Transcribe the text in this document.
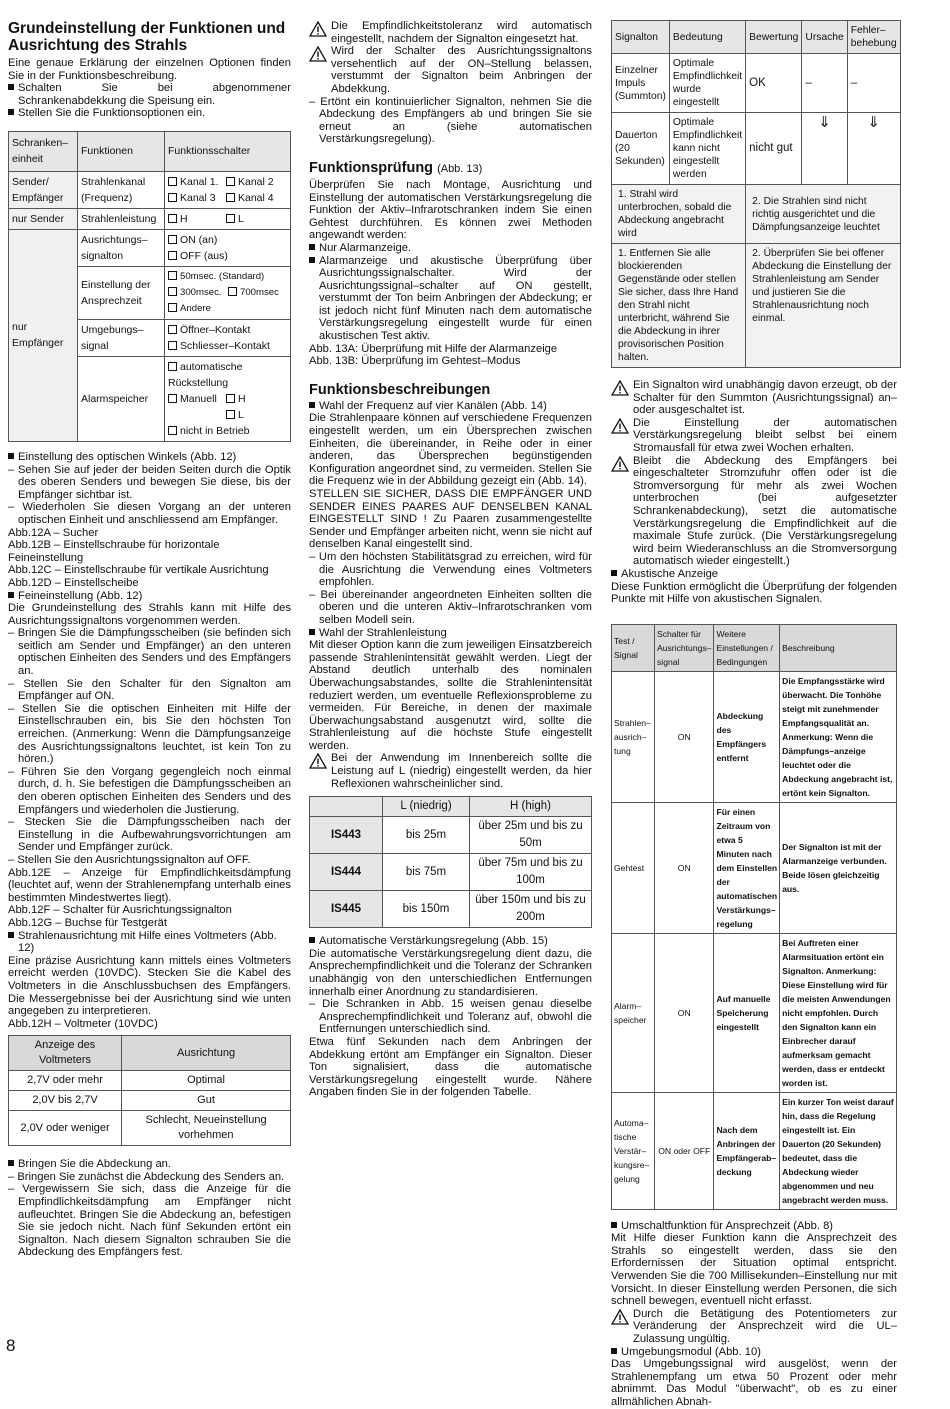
Grundeinstellung der Funktionen und Ausrichtung des Strahls

Eine genaue Erklärung der einzelnen Optionen finden Sie in der Funktionsbeschreibung.

Schalten Sie bei abgenommener Schrankenabdekkung die Speisung ein.

Stellen Sie die Funktionsoptionen ein.

Schranken–einheit	Funktionen	Funktionsschalter
Sender/ Empfänger	Strahlenkanal (Frequenz)	Kanal 1. Kanal 2
Kanal 3 Kanal 4

nur Sender	Strahlenleistung	H L

nur Empfänger	Ausrichtungs–signalton	ON (an)
OFF (aus)

	Einstellung der Ansprechzeit	50msec. (Standard)
300msec. 700msec
Andere

	Umgebungs–signal	Öffner–Kontakt
Schliesser–Kontakt

	Alarmspeicher	automatische Rückstellung
Manuell H
L
nicht in Betrieb

Einstellung des optischen Winkels (Abb. 12)

– Sehen Sie auf jeder der beiden Seiten durch die Optik des oberen Senders und bewegen Sie diese, bis der Empfänger sichtbar ist.

– Wiederholen Sie diesen Vorgang an der unteren optischen Einheit und anschliessend am Empfänger.

Abb.12A – Sucher

Abb.12B – Einstellschraube für horizontale Feineinstellung

Abb.12C – Einstellschraube für vertikale Ausrichtung

Abb.12D – Einstellscheibe

Feineinstellung (Abb. 12)

Die Grundeinstellung des Strahls kann mit Hilfe des Ausrichtungssignaltons vorgenommen werden.

– Bringen Sie die Dämpfungsscheiben (sie befinden sich seitlich am Sender und Empfänger) an den unteren optischen Einheiten des Senders und des Empfängers an.

– Stellen Sie den Schalter für den Signalton am Empfänger auf ON.

– Stellen Sie die optischen Einheiten mit Hilfe der Einstellschrauben ein, bis Sie den höchsten Ton erreichen. (Anmerkung: Wenn die Dämpfungsanzeige des Ausrichtungssignaltons leuchtet, ist kein Ton zu hören.)

– Führen Sie den Vorgang gegengleich noch einmal durch, d. h. Sie befestigen die Dämpfungsscheiben an den oberen optischen Einheiten des Senders und des Empfängers und wiederholen die Justierung.

– Stecken Sie die Dämpfungsscheiben nach der Einstellung in die Aufbewahrungsvorrichtungen am Sender und Empfänger zurück.

– Stellen Sie den Ausrichtungssignalton auf OFF.

Abb.12E – Anzeige für Empfindlichkeitsdämpfung (leuchtet auf, wenn der Strahlenempfang unterhalb eines bestimmten Mindestwertes liegt).

Abb.12F – Schalter für Ausrichtungssignalton

Abb.12G – Buchse für Testgerät

Strahlenausrichtung mit Hilfe eines Voltmeters (Abb. 12)

Eine präzise Ausrichtung kann mittels eines Voltmeters erreicht werden (10VDC). Stecken Sie die Kabel des Voltmeters in die Anschlussbuchsen des Empfängers. Die Messergebnisse bei der Ausrichtung sind wie unten angegeben zu interpretieren.

Abb.12H – Voltmeter (10VDC)

Anzeige des Voltmeters	Ausrichtung
2,7V oder mehr	Optimal
2,0V bis 2,7V	Gut
2,0V oder weniger	Schlecht, Neueinstellung vorhehmen

Bringen Sie die Abdeckung an.

– Bringen Sie zunächst die Abdeckung des Senders an.

– Vergewissern Sie sich, dass die Anzeige für die Empfindlichkeitsdämpfung am Empfänger nicht aufleuchtet. Bringen Sie die Abdeckung an, befestigen Sie sie jedoch nicht. Nach fünf Sekunden ertönt ein Signalton. Nach diesem Signalton schrauben Sie die Abdeckung des Empfängers fest.

Die Empfindlichkeitstoleranz wird automatisch eingestellt, nachdem der Signalton eingesetzt hat.

Wird der Schalter des Ausrichtungssignaltons versehentlich auf der ON–Stellung belassen, verstummt der Signalton beim Anbringen der Abdekkung.

– Ertönt ein kontinuierlicher Signalton, nehmen Sie die Abdeckung des Empfängers ab und bringen Sie sie erneut an (siehe automatischen Verstärkungsregelung).

Funktionsprüfung (Abb. 13)

Überprüfen Sie nach Montage, Ausrichtung und Einstellung der automatischen Verstärkungsregelung die Funktion der Aktiv–Infrarotschranken indem Sie einen Gehtest durchführen. Es können zwei Methoden angewandt werden:

Nur Alarmanzeige.

Alarmanzeige und akustische Überprüfung über Ausrichtungssignalschalter. Wird der Ausrichtungssignal–schalter auf ON gestellt, verstummt der Ton beim Anbringen der Abdeckung; er ist jedoch nicht fünf Minuten nach dem automatische Verstärkungsregelung eingestellt wurde für einen akustischen Test aktiv.

Abb. 13A: Überprüfung mit Hilfe der Alarmanzeige

Abb. 13B: Überprüfung im Gehtest–Modus

Funktionsbeschreibungen

Wahl der Frequenz auf vier Kanälen (Abb. 14)

Die Strahlenpaare können auf verschiedene Frequenzen eingestellt werden, um ein Übersprechen zwischen Einheiten, die übereinander, in Reihe oder in einer anderen, das Übersprechen begünstigenden Konfiguration angeordnet sind, zu vermeiden. Stellen Sie die Frequenz wie in der Abbildung gezeigt ein (Abb. 14).

STELLEN SIE SICHER, DASS DIE EMPFÄNGER UND SENDER EINES PAARES AUF DENSELBEN KANAL EINGESTELLT SIND ! Zu Paaren zusammengestellte Sender und Empfänger arbeiten nicht, wenn sie nicht auf denselben Kanal eingestellt sind.

– Um den höchsten Stabilitätsgrad zu erreichen, wird für die Ausrichtung die Verwendung eines Voltmeters empfohlen.

– Bei übereinander angeordneten Einheiten sollten die oberen und die unteren Aktiv–Infrarotschranken vom selben Modell sein.

Wahl der Strahlenleistung

Mit dieser Option kann die zum jeweiligen Einsatzbereich passende Strahlenintensität gewählt werden. Liegt der Abstand deutlich unterhalb des nominalen Überwachungsabstandes, sollte die Strahlenintensität reduziert werden, um eventuelle Reflexionsprobleme zu vermeiden. Für Bereiche, in denen der maximale Überwachungsabstand ausgenutzt wird, sollte die Strahlenleistung auf die höchste Stufe eingestellt werden.

Bei der Anwendung im Innenbereich sollte die Leistung auf L (niedrig) eingestellt werden, da hier Reflexionen wahrscheinlicher sind.

	L (niedrig)	H (high)
IS443	bis 25m	über 25m und bis zu 50m
IS444	bis 75m	über 75m und bis zu 100m
IS445	bis 150m	über 150m und bis zu 200m

Automatische Verstärkungsregelung (Abb. 15)

Die automatische Verstärkungsregelung dient dazu, die Ansprechempfindlichkeit und die Toleranz der Schranken unabhängig von den unterschiedlichen Entfernungen innerhalb einer Anordnung zu standardisieren.

– Die Schranken in Abb. 15 weisen genau dieselbe Ansprechempfindlichkeit und Toleranz auf, obwohl die Entfernungen unterschiedlich sind.

Etwa fünf Sekunden nach dem Anbringen der Abdekkung ertönt am Empfänger ein Signalton. Dieser Ton signalisiert, dass die automatische Verstärkungsregelung eingestellt wurde. Nähere Angaben finden Sie in der folgenden Tabelle.

Signalton	Bedeutung	Bewertung	Ursache	Fehler–behebung
Einzelner Impuls (Summton)	Optimale Empfindlichkeit wurde eingestellt	OK	–	–
Dauerton (20 Sekunden)	Optimale Empfindlichkeit kann nicht eingestellt werden	nicht gut	⇓	⇓
1. Strahl wird unterbrochen, sobald die Abdeckung angebracht wird		2. Die Strahlen sind nicht richtig ausgerichtet und die Dämpfungsanzeige leuchtet		
1. Entfernen Sie alle blockierenden Gegenstände oder stellen Sie sicher, dass Ihre Hand den Strahl nicht unterbricht, während Sie die Abdeckung in ihrer provisorischen Position halten.		2. Überprüfen Sie bei offener Abdeckung die Einstellung der Strahlenleistung am Sender und justieren Sie die Strahlenausrichtung noch einmal.		

Ein Signalton wird unabhängig davon erzeugt, ob der Schalter für den Summton (Ausrichtungssignal) an– oder ausgeschaltet ist.

Die Einstellung der automatischen Verstärkungsregelung bleibt selbst bei einem Stromausfall für etwa zwei Wochen erhalten.

Bleibt die Abdeckung des Empfängers bei eingeschalteter Stromzufuhr offen oder ist die Stromversorgung für mehr als zwei Wochen unterbrochen (bei aufgesetzter Schrankenabdeckung), setzt die automatische Verstärkungsregelung die Empfindlichkeit auf die maximale Stufe zurück. (Die Verstärkungsregelung wird beim Wiederanschluss an die Stromversorgung automatisch wieder eingestellt.)

Akustische Anzeige

Diese Funktion ermöglicht die Überprüfung der folgenden Punkte mit Hilfe von akustischen Signalen.

Test / Signal	Schalter für Ausrichtungs–signal	Weitere Einstellungen / Bedingungen	Beschreibung
Strahlen–ausrich–tung	ON	Abdeckung des Empfängers entfernt	Die Empfangsstärke wird überwacht. Die Tonhöhe steigt mit zunehmender Empfangsqualität an. Anmerkung: Wenn die Dämpfungs–anzeige leuchtet oder die Abdeckung angebracht ist, ertönt kein Signalton.
Gehtest	ON	Für einen Zeitraum von etwa 5 Minuten nach dem Einstellen der automatischen Verstärkungs–regelung	Der Signalton ist mit der Alarmanzeige verbunden. Beide lösen gleichzeitig aus.
Alarm–speicher	ON	Auf manuelle Speicherung eingestellt	Bei Auftreten einer Alarmsituation ertönt ein Signalton. Anmerkung: Diese Einstellung wird für die meisten Anwendungen nicht empfohlen. Durch den Signalton kann ein Einbrecher darauf aufmerksam gemacht werden, dass er entdeckt worden ist.
Automa–tische Verstär–kungsre–gelung	ON oder OFF	Nach dem Anbringen der Empfängerab–deckung	Ein kurzer Ton weist darauf hin, dass die Regelung eingestellt ist. Ein Dauerton (20 Sekunden) bedeutet, dass die Abdeckung wieder abgenommen und neu angebracht werden muss.

Umschaltfunktion für Ansprechzeit (Abb. 8)

Mit Hilfe dieser Funktion kann die Ansprechzeit des Strahls so eingestellt werden, dass sie den Erfordernissen der Situation optimal entspricht. Verwenden Sie die 700 Millisekunden–Einstellung nur mit Vorsicht. In dieser Einstellung werden Personen, die sich schnell bewegen, eventuell nicht erfasst.

Durch die Betätigung des Potentiometers zur Veränderung der Ansprechzeit wird die UL–Zulassung ungültig.

Umgebungsmodul (Abb. 10)

Das Umgebungssignal wird ausgelöst, wenn der Strahlenempfang um etwa 50 Prozent oder mehr abnimmt. Das Modul "überwacht", ob es zu einer allmählichen Abnah-

8
